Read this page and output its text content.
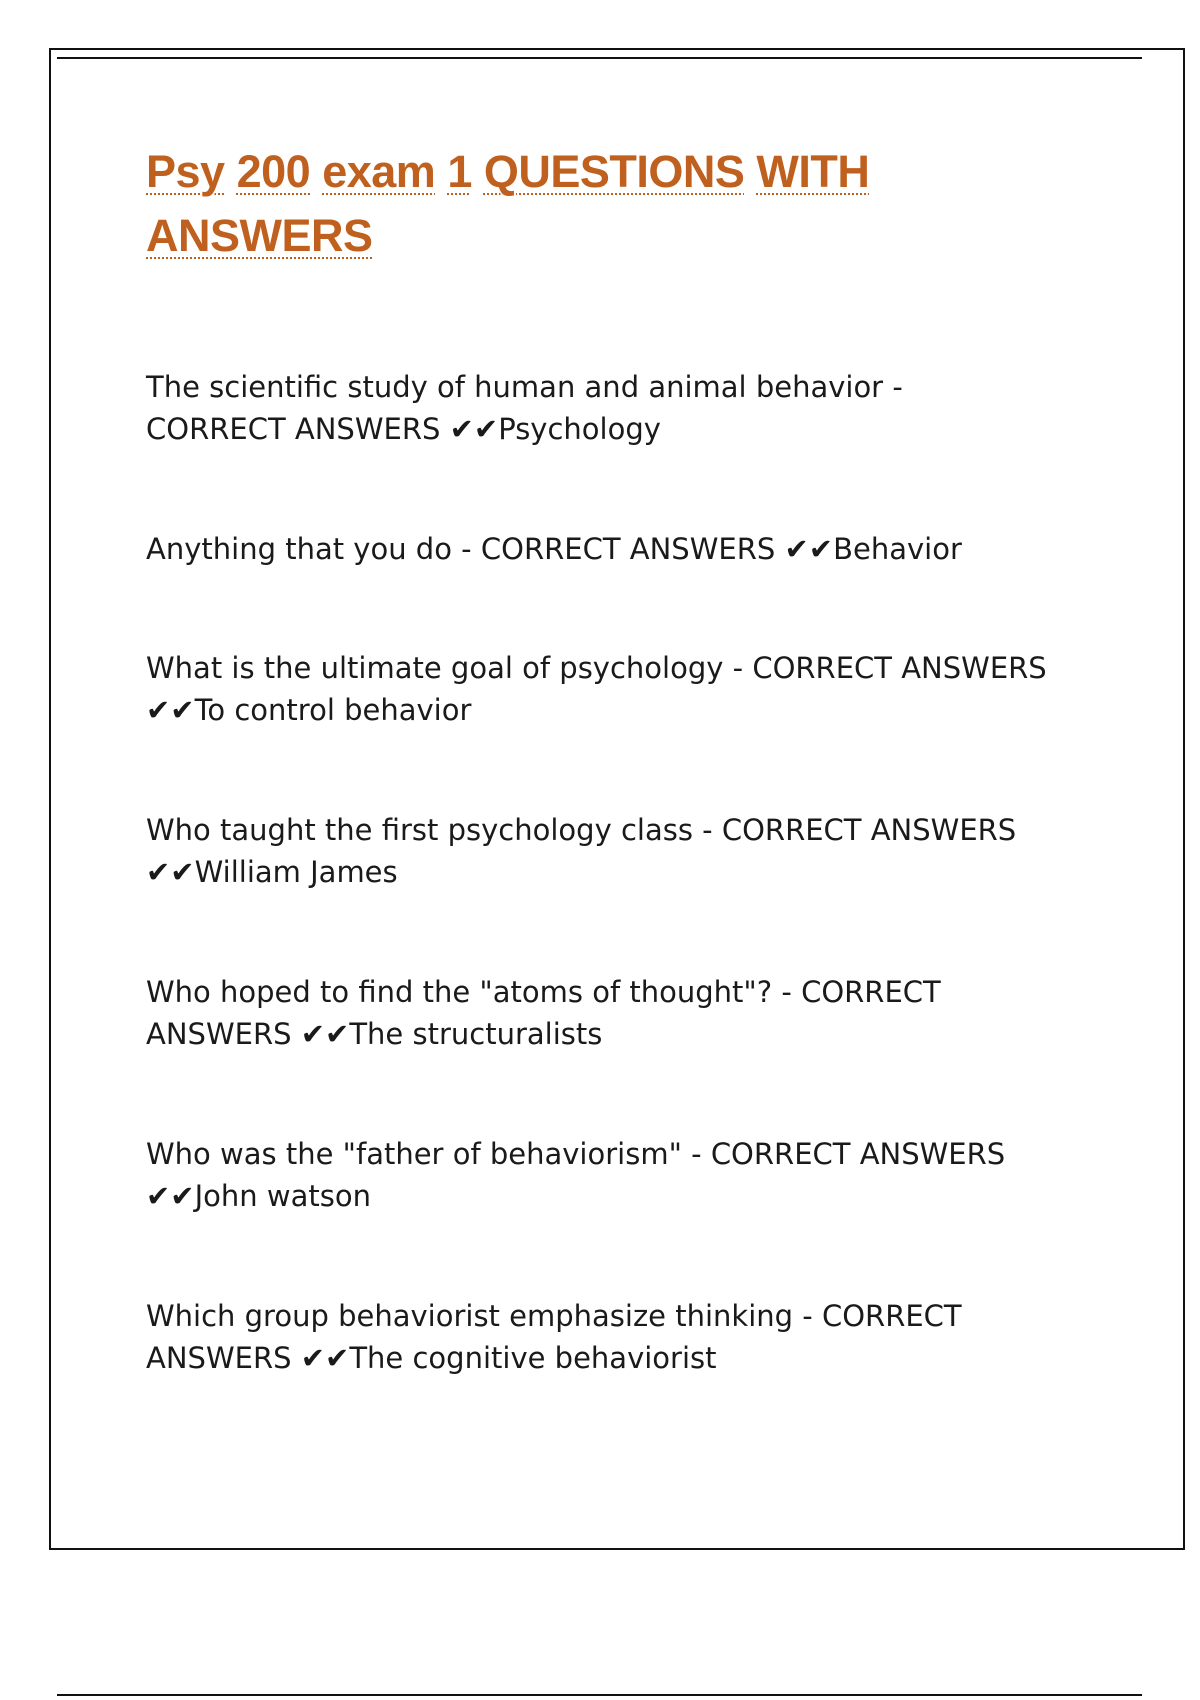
Psy 200 exam 1 QUESTIONS WITH
ANSWERS
The scientific study of human and animal behavior -
CORRECT ANSWERS ✔✔Psychology
Anything that you do - CORRECT ANSWERS ✔✔Behavior
What is the ultimate goal of psychology - CORRECT ANSWERS ✔✔To control behavior
Who taught the first psychology class - CORRECT ANSWERS ✔✔William James
Who hoped to find the "atoms of thought"? - CORRECT ANSWERS ✔✔The structuralists
Who was the "father of behaviorism" - CORRECT ANSWERS ✔✔John watson
Which group behaviorist emphasize thinking - CORRECT ANSWERS ✔✔The cognitive behaviorist
